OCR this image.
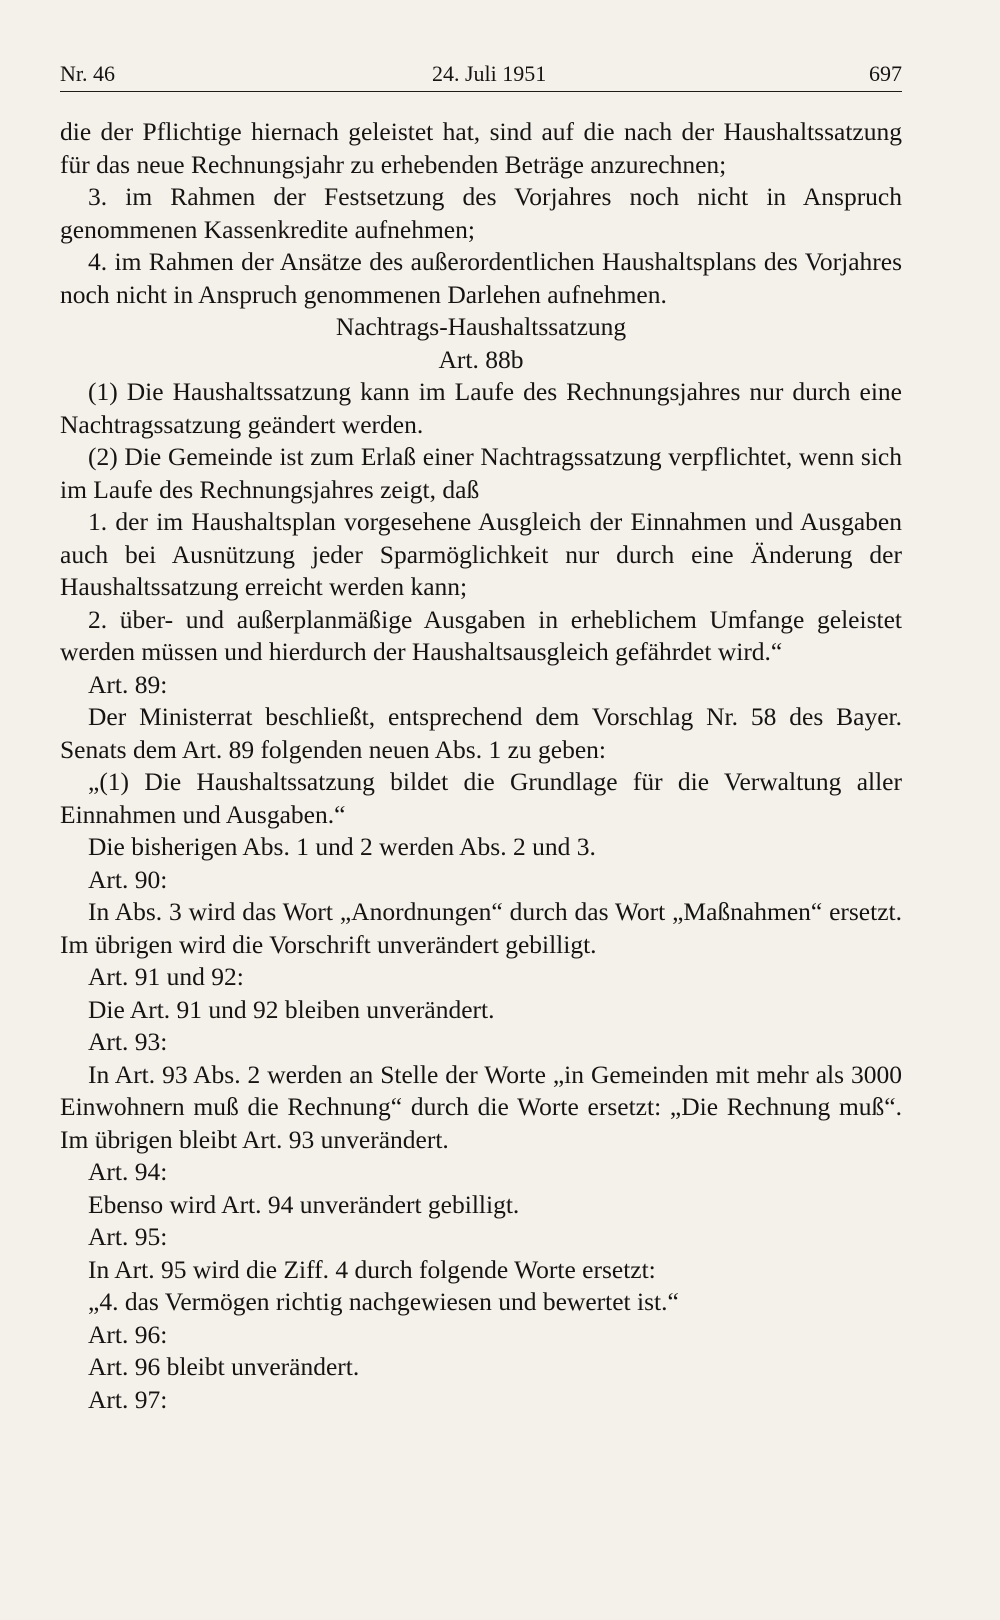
Nr. 46	24. Juli 1951	697

die der Pflichtige hiernach geleistet hat, sind auf die nach der Haushaltssatzung für das neue Rechnungsjahr zu erhebenden Beträge anzurechnen;

3. im Rahmen der Festsetzung des Vorjahres noch nicht in Anspruch genommenen Kassenkredite aufnehmen;

4. im Rahmen der Ansätze des außerordentlichen Haushaltsplans des Vorjahres noch nicht in Anspruch genommenen Darlehen aufnehmen.

Nachtrags-Haushaltssatzung

Art. 88b

(1) Die Haushaltssatzung kann im Laufe des Rechnungsjahres nur durch eine Nachtragssatzung geändert werden.

(2) Die Gemeinde ist zum Erlaß einer Nachtragssatzung verpflichtet, wenn sich im Laufe des Rechnungsjahres zeigt, daß

1. der im Haushaltsplan vorgesehene Ausgleich der Einnahmen und Ausgaben auch bei Ausnützung jeder Sparmöglichkeit nur durch eine Änderung der Haushaltssatzung erreicht werden kann;

2. über- und außerplanmäßige Ausgaben in erheblichem Umfange geleistet werden müssen und hierdurch der Haushaltsausgleich gefährdet wird.“

Art. 89:

Der Ministerrat beschließt, entsprechend dem Vorschlag Nr. 58 des Bayer. Senats dem Art. 89 folgenden neuen Abs. 1 zu geben:

„(1) Die Haushaltssatzung bildet die Grundlage für die Verwaltung aller Einnahmen und Ausgaben.“

Die bisherigen Abs. 1 und 2 werden Abs. 2 und 3.

Art. 90:

In Abs. 3 wird das Wort „Anordnungen“ durch das Wort „Maßnahmen“ ersetzt. Im übrigen wird die Vorschrift unverändert gebilligt.

Art. 91 und 92:

Die Art. 91 und 92 bleiben unverändert.

Art. 93:

In Art. 93 Abs. 2 werden an Stelle der Worte „in Gemeinden mit mehr als 3000 Einwohnern muß die Rechnung“ durch die Worte ersetzt: „Die Rechnung muß“. Im übrigen bleibt Art. 93 unverändert.

Art. 94:

Ebenso wird Art. 94 unverändert gebilligt.

Art. 95:

In Art. 95 wird die Ziff. 4 durch folgende Worte ersetzt:

„4. das Vermögen richtig nachgewiesen und bewertet ist.“

Art. 96:

Art. 96 bleibt unverändert.

Art. 97:
